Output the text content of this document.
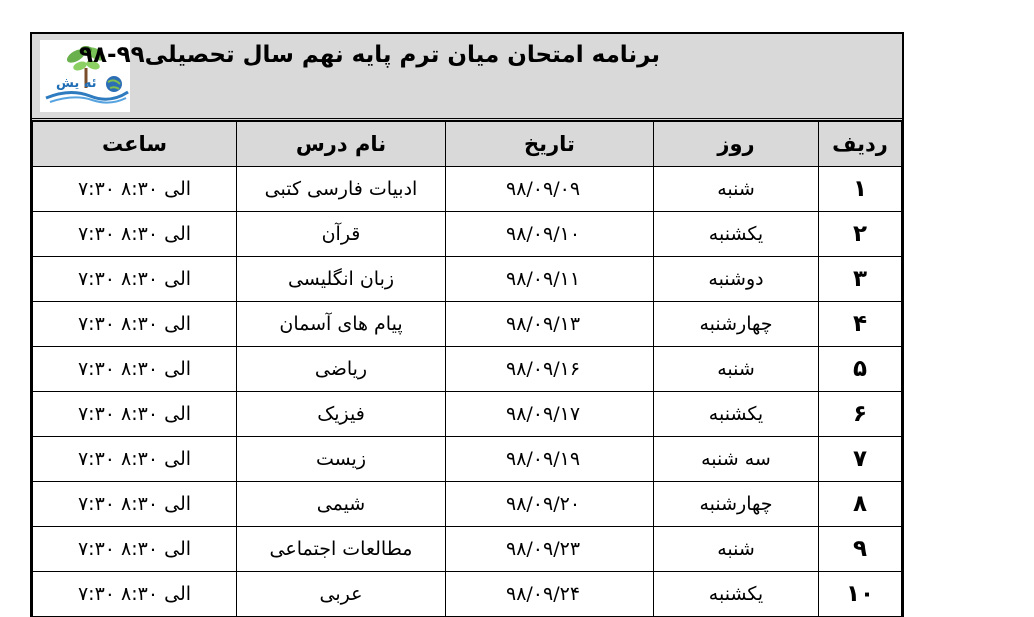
ئه یش
برنامه امتحان میان ترم پایه نهم سال تحصیلی۹۹-۹۸
ردیف	روز	تاریخ	نام درس	ساعت
۱	شنبه	۹۸/۰۹/۰۹	ادبیات فارسی کتبی	۷:۳۰ الی ۸:۳۰
۲	یکشنبه	۹۸/۰۹/۱۰	قرآن	۷:۳۰ الی ۸:۳۰
۳	دوشنبه	۹۸/۰۹/۱۱	زبان انگلیسی	۷:۳۰ الی ۸:۳۰
۴	چهارشنبه	۹۸/۰۹/۱۳	پیام های آسمان	۷:۳۰ الی ۸:۳۰
۵	شنبه	۹۸/۰۹/۱۶	ریاضی	۷:۳۰ الی ۸:۳۰
۶	یکشنبه	۹۸/۰۹/۱۷	فیزیک	۷:۳۰ الی ۸:۳۰
۷	سه شنبه	۹۸/۰۹/۱۹	زیست	۷:۳۰ الی ۸:۳۰
۸	چهارشنبه	۹۸/۰۹/۲۰	شیمی	۷:۳۰ الی ۸:۳۰
۹	شنبه	۹۸/۰۹/۲۳	مطالعات اجتماعی	۷:۳۰ الی ۸:۳۰
۱۰	یکشنبه	۹۸/۰۹/۲۴	عربی	۷:۳۰ الی ۸:۳۰
